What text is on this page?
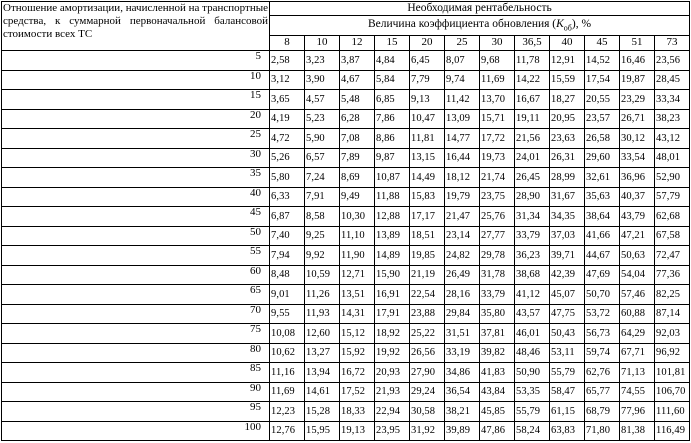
Отношение амортизации, начисленной на транспортные средства, к суммарной первоначальной балансовой стоимости всех ТС	Необходимая рентабельность											
	Величина коэффициента обновления $(K_{об})$, %											
	8	10	12	15	20	25	30	36,5	40	45	51	73
5	2,58	3,23	3,87	4,84	6,45	8,07	9,68	11,78	12,91	14,52	16,46	23,56
10	3,12	3,90	4,67	5,84	7,79	9,74	11,69	14,22	15,59	17,54	19,87	28,45
15	3,65	4,57	5,48	6,85	9,13	11,42	13,70	16,67	18,27	20,55	23,29	33,34
20	4,19	5,23	6,28	7,86	10,47	13,09	15,71	19,11	20,95	23,57	26,71	38,23
25	4,72	5,90	7,08	8,86	11,81	14,77	17,72	21,56	23,63	26,58	30,12	43,12
30	5,26	6,57	7,89	9,87	13,15	16,44	19,73	24,01	26,31	29,60	33,54	48,01
35	5,80	7,24	8,69	10,87	14,49	18,12	21,74	26,45	28,99	32,61	36,96	52,90
40	6,33	7,91	9,49	11,88	15,83	19,79	23,75	28,90	31,67	35,63	40,37	57,79
45	6,87	8,58	10,30	12,88	17,17	21,47	25,76	31,34	34,35	38,64	43,79	62,68
50	7,40	9,25	11,10	13,89	18,51	23,14	27,77	33,79	37,03	41,66	47,21	67,58
55	7,94	9,92	11,90	14,89	19,85	24,82	29,78	36,23	39,71	44,67	50,63	72,47
60	8,48	10,59	12,71	15,90	21,19	26,49	31,78	38,68	42,39	47,69	54,04	77,36
65	9,01	11,26	13,51	16,91	22,54	28,16	33,79	41,12	45,07	50,70	57,46	82,25
70	9,55	11,93	14,31	17,91	23,88	29,84	35,80	43,57	47,75	53,72	60,88	87,14
75	10,08	12,60	15,12	18,92	25,22	31,51	37,81	46,01	50,43	56,73	64,29	92,03
80	10,62	13,27	15,92	19,92	26,56	33,19	39,82	48,46	53,11	59,74	67,71	96,92
85	11,16	13,94	16,72	20,93	27,90	34,86	41,83	50,90	55,79	62,76	71,13	101,81
90	11,69	14,61	17,52	21,93	29,24	36,54	43,84	53,35	58,47	65,77	74,55	106,70
95	12,23	15,28	18,33	22,94	30,58	38,21	45,85	55,79	61,15	68,79	77,96	111,60
100	12,76	15,95	19,13	23,95	31,92	39,89	47,86	58,24	63,83	71,80	81,38	116,49
